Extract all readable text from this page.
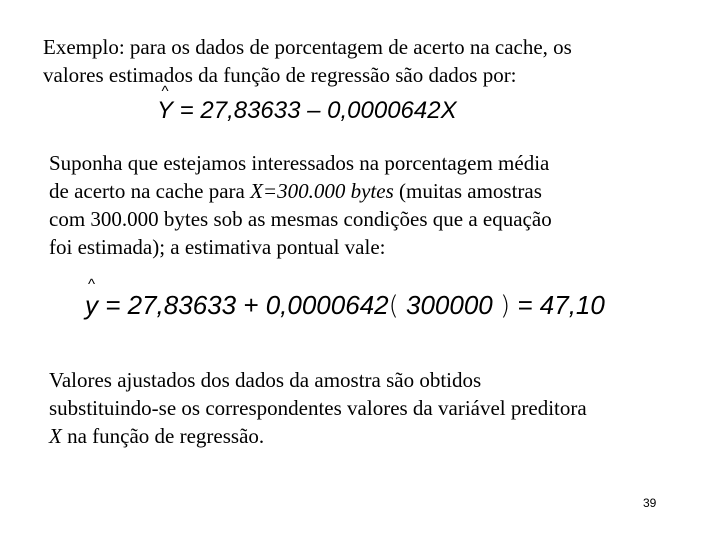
Exemplo: para os dados de porcentagem de acerto na cache, os
valores estimados da função de regressão são dados por:
^
Y = 27,83633 – 0,0000642X
Suponha que estejamos interessados na porcentagem média
de acerto na cache para X=300.000 bytes (muitas amostras
com 300.000 bytes sob as mesmas condições que a equação
foi estimada); a estimativa pontual vale:
^
y = 27,83633 + 0,0000642( 300000 ) = 47,10
Valores ajustados dos dados da amostra são obtidos
substituindo-se os correspondentes valores da variável preditora
X na função de regressão.
39
